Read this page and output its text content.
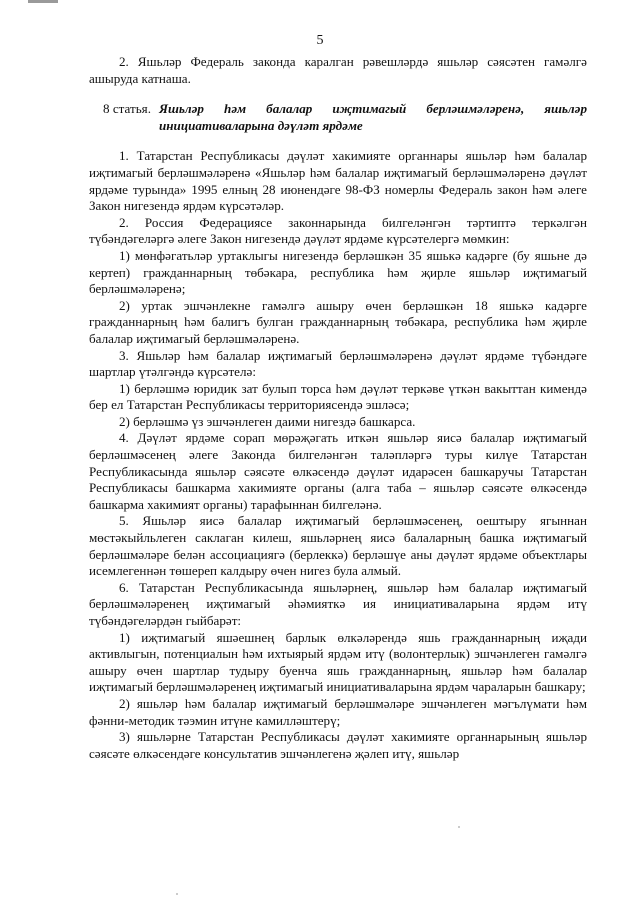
5

2. Яшьләр Федераль законда каралган рәвешләрдә яшьләр сәясәтен гамәлгә ашыруда катнаша.

8 статья. Яшьләр һәм балалар иҗтимагый берләшмәләренә, яшьләр инициативаларына дәүләт ярдәме

1. Татарстан Республикасы дәүләт хакимияте органнары яшьләр һәм балалар иҗтимагый берләшмәләренә «Яшьләр һәм балалар иҗтимагый берләшмәләренә дәүләт ярдәме турында» 1995 елның 28 июнендәге 98-ФЗ номерлы Федераль закон һәм әлеге Закон нигезендә ярдәм күрсәтәләр.

2. Россия Федерациясе законнарында билгеләнгән тәртиптә теркәлгән түбәндәгеләргә әлеге Закон нигезендә дәүләт ярдәме күрсәтелергә мөмкин:

1) мөнфәгатьләр уртаклыгы нигезендә берләшкән 35 яшькә кадәрге (бу яшьне дә кертеп) гражданнарның төбәкара, республика һәм җирле яшьләр иҗтимагый берләшмәләренә;

2) уртак эшчәнлекне гамәлгә ашыру өчен берләшкән 18 яшькә кадәрге гражданнарның һәм балигъ булган гражданнарның төбәкара, республика һәм җирле балалар иҗтимагый берләшмәләренә.

3. Яшьләр һәм балалар иҗтимагый берләшмәләренә дәүләт ярдәме түбәндәге шартлар үтәлгәндә күрсәтелә:

1) берләшмә юридик зат булып торса һәм дәүләт теркәве үткән вакыттан кимендә бер ел Татарстан Республикасы территориясендә эшләсә;

2) берләшмә үз эшчәнлеген даими нигездә башкарса.

4. Дәүләт ярдәме сорап мөрәҗәгать иткән яшьләр яисә балалар иҗтимагый берләшмәсенең әлеге Законда билгеләнгән таләпләргә туры килүе Татарстан Республикасында яшьләр сәясәте өлкәсендә дәүләт идарәсен башкаручы Татарстан Республикасы башкарма хакимияте органы (алга таба – яшьләр сәясәте өлкәсендә башкарма хакимият органы) тарафыннан билгеләнә.

5. Яшьләр яисә балалар иҗтимагый берләшмәсенең, оештыру ягыннан мөстәкыйльлеген саклаган килеш, яшьләрнең яисә балаларның башка иҗтимагый берләшмәләре белән ассоциациягә (берлеккә) берләшүе аны дәүләт ярдәме объектлары исемлегеннән төшереп калдыру өчен нигез була алмый.

6. Татарстан Республикасында яшьләрнең, яшьләр һәм балалар иҗтимагый берләшмәләренең иҗтимагый әһәмияткә ия инициативаларына ярдәм итү түбәндәгеләрдән гыйбарәт:

1) иҗтимагый яшәешнең барлык өлкәләрендә яшь гражданнарның иҗади активлыгын, потенциалын һәм ихтыярый ярдәм итү (волонтерлык) эшчәнлеген гамәлгә ашыру өчен шартлар тудыру буенча яшь гражданнарның, яшьләр һәм балалар иҗтимагый берләшмәләренең иҗтимагый инициативаларына ярдәм чараларын башкару;

2) яшьләр һәм балалар иҗтимагый берләшмәләре эшчәнлеген мәгълүмати һәм фәнни-методик тәэмин итүне камилләштерү;

3) яшьләрне Татарстан Республикасы дәүләт хакимияте органнарының яшьләр сәясәте өлкәсендәге консультатив эшчәнлегенә җәлеп итү, яшьләр
